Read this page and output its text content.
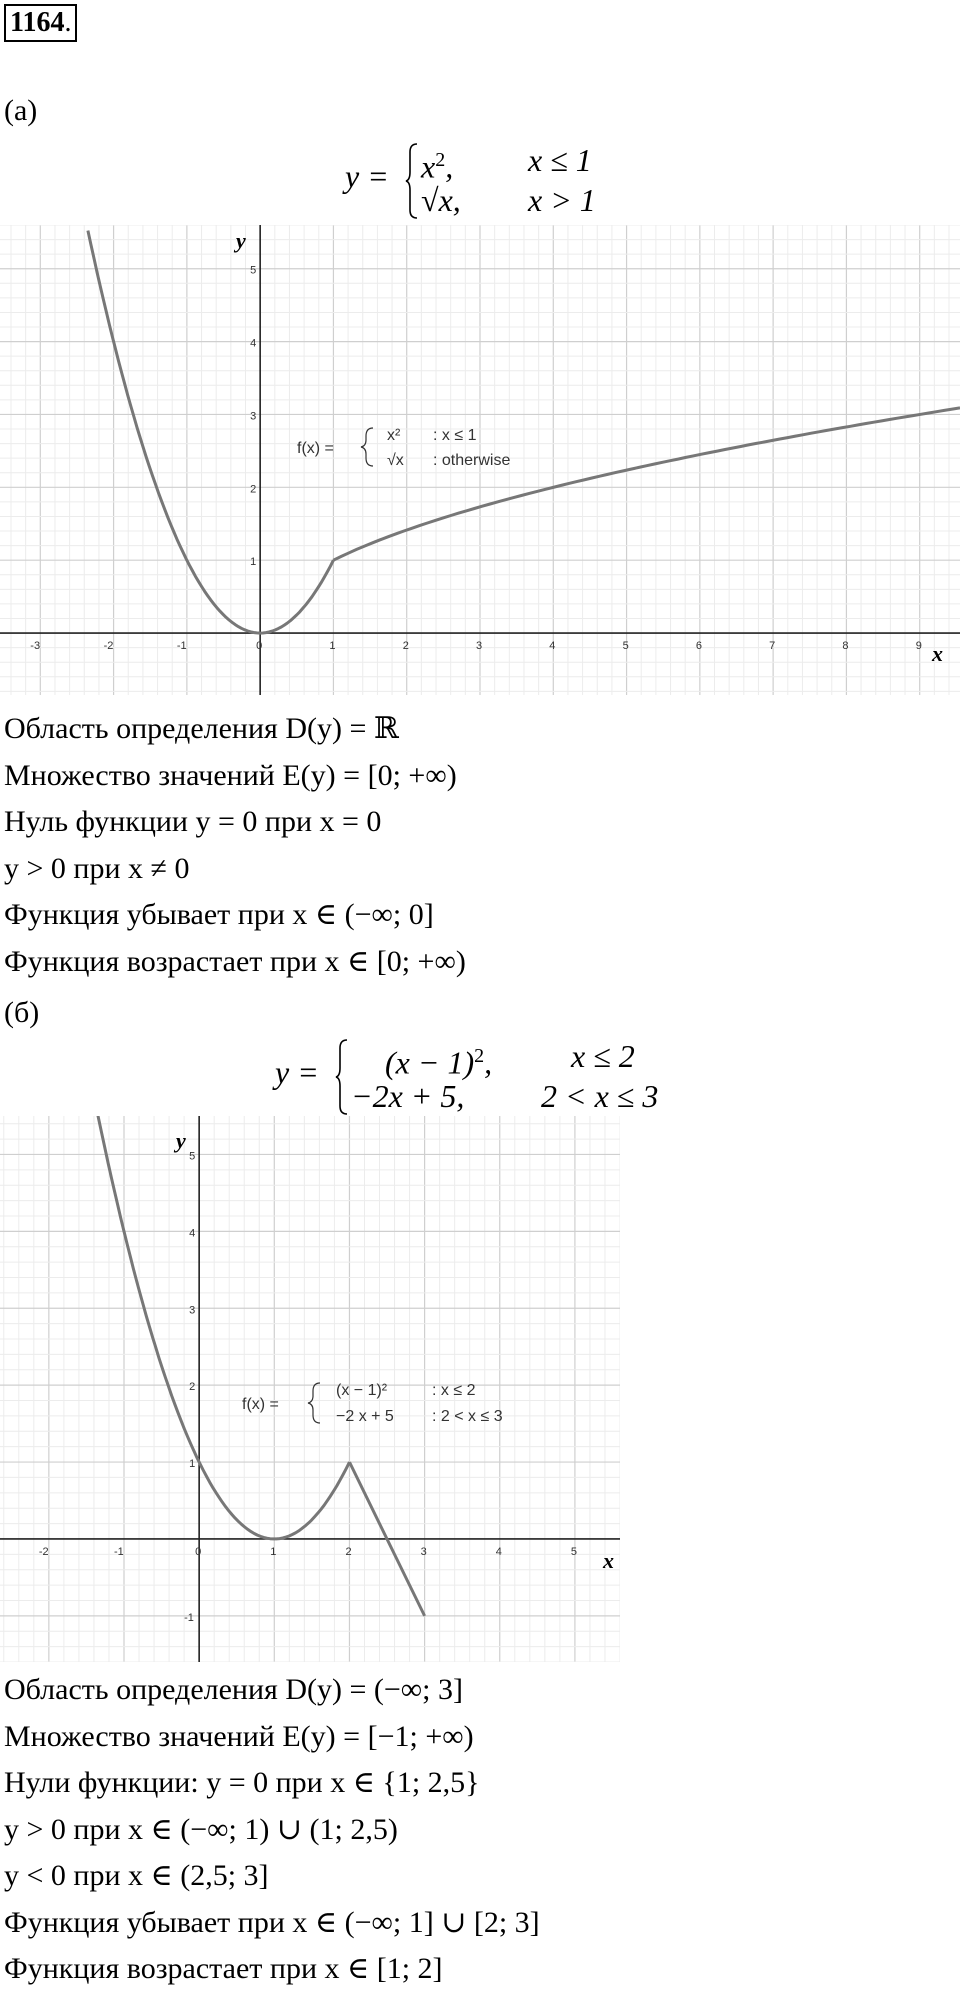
1164.
(а)
$y = x^2$, x ≤ 1
√x, x > 1
-3	-2	-1	0	1	2	3	4	5	6	7	8	9
1
2
3
4
5
x
y
f(x) =
x² : x ≤ 1
√x : otherwise
Область определения D(y) = ℝ
Множество значений E(y) = [0; +∞)
Нуль функции y = 0 при x = 0
y > 0 при x ≠ 0
Функция убывает при x ∈ (−∞; 0]
Функция возрастает при x ∈ [0; +∞)
(б)
$y = (x - 1)^2$, x ≤ 2
−2x + 5, 2 < x ≤ 3
-2	-1	0	1	2	3	4	5
-1
1
2
3
4
5
x
y
f(x) =
(x − 1)²	: x ≤ 2
−2 x + 5 : 2 < x ≤ 3
Область определения D(y) = (−∞; 3]
Множество значений E(y) = [−1; +∞)
Нули функции: y = 0 при x ∈ {1; 2,5}
y > 0 при x ∈ (−∞; 1) ∪ (1; 2,5)
y < 0 при x ∈ (2,5; 3]
Функция убывает при x ∈ (−∞; 1] ∪ [2; 3]
Функция возрастает при x ∈ [1; 2]
